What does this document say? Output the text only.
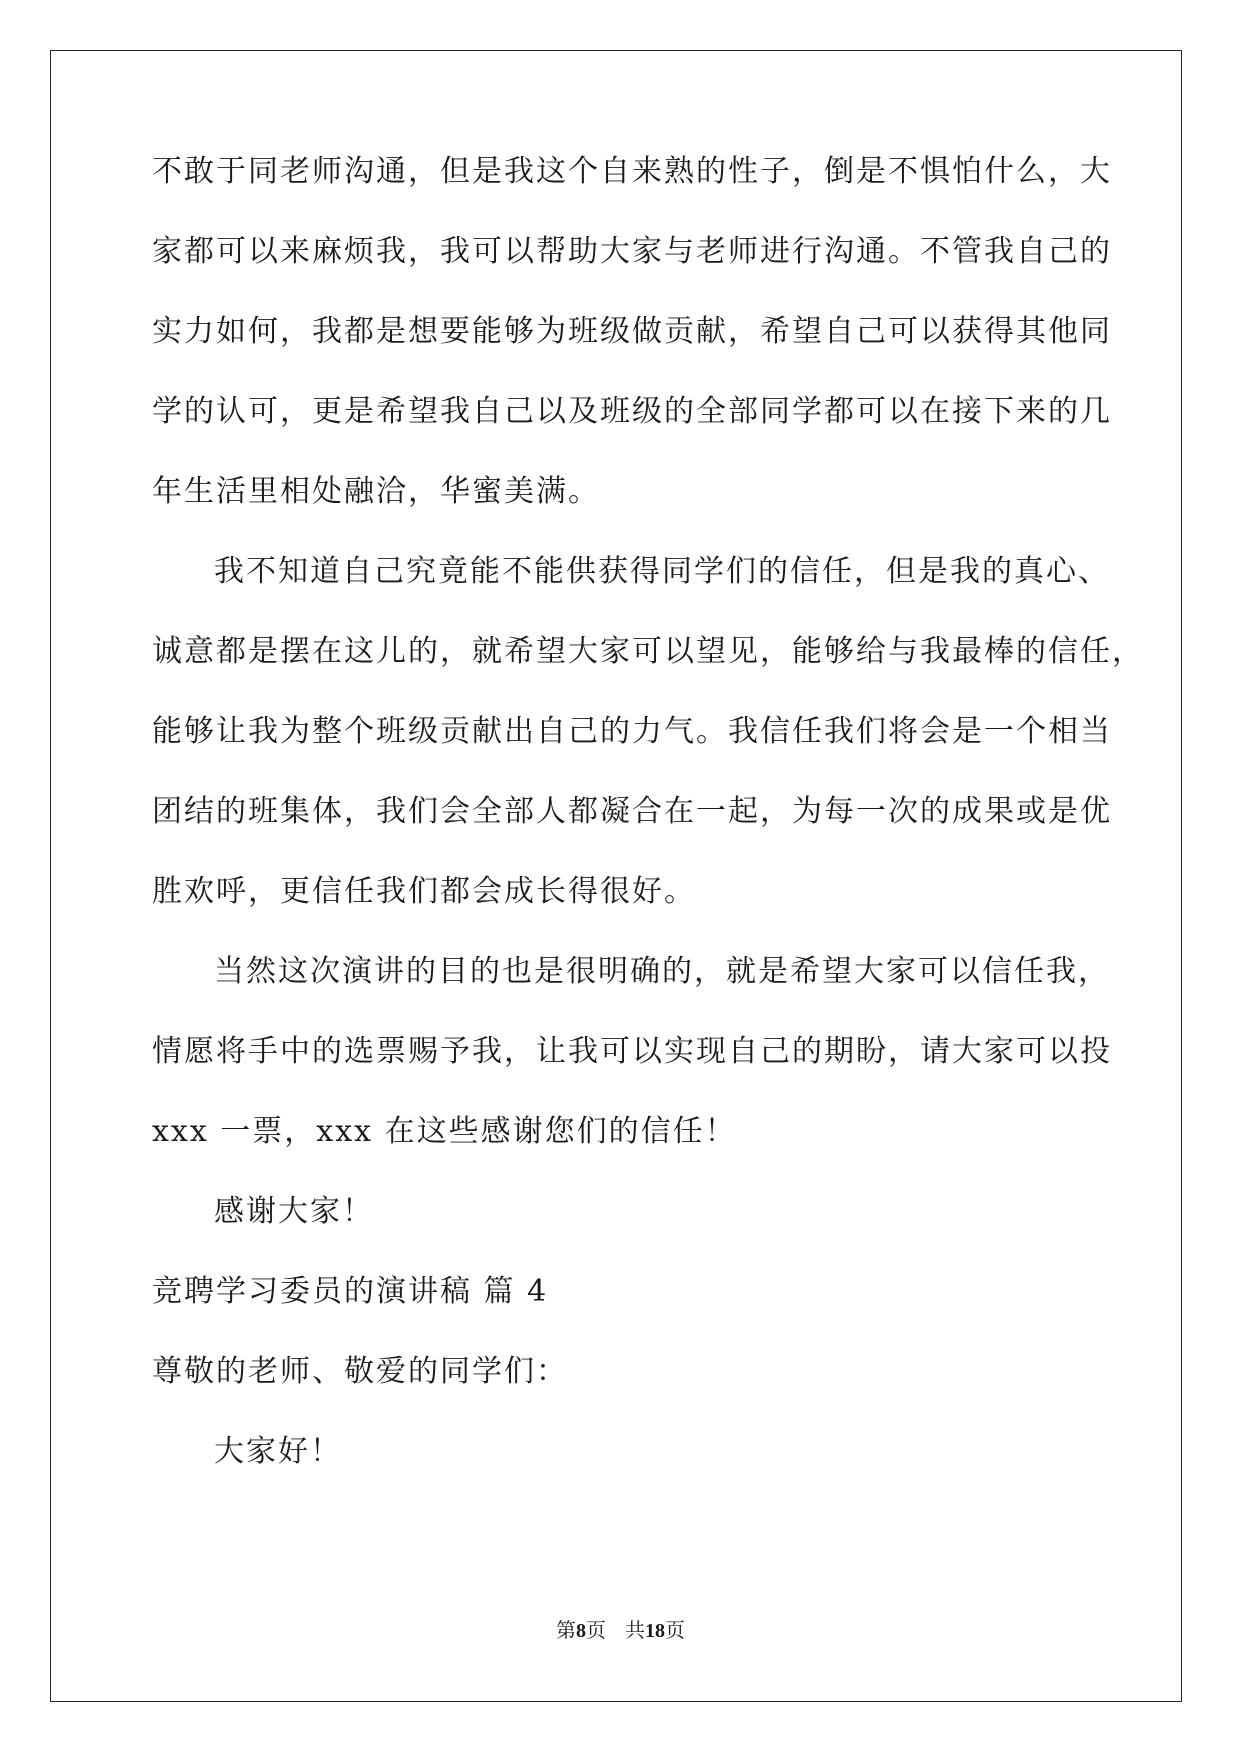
不敢于同老师沟通，但是我这个自来熟的性子，倒是不惧怕什么，大
家都可以来麻烦我，我可以帮助大家与老师进行沟通。不管我自己的
实力如何，我都是想要能够为班级做贡献，希望自己可以获得其他同
学的认可，更是希望我自己以及班级的全部同学都可以在接下来的几
年生活里相处融洽，华蜜美满。
我不知道自己究竟能不能供获得同学们的信任，但是我的真心、
诚意都是摆在这儿的，就希望大家可以望见，能够给与我最棒的信任，
能够让我为整个班级贡献出自己的力气。我信任我们将会是一个相当
团结的班集体，我们会全部人都凝合在一起，为每一次的成果或是优
胜欢呼，更信任我们都会成长得很好。
当然这次演讲的目的也是很明确的，就是希望大家可以信任我，
情愿将手中的选票赐予我，让我可以实现自己的期盼，请大家可以投
xxx 一票，xxx 在这些感谢您们的信任！
感谢大家！
竞聘学习委员的演讲稿 篇 4
尊敬的老师、敬爱的同学们：
大家好！
第8页 共18页
